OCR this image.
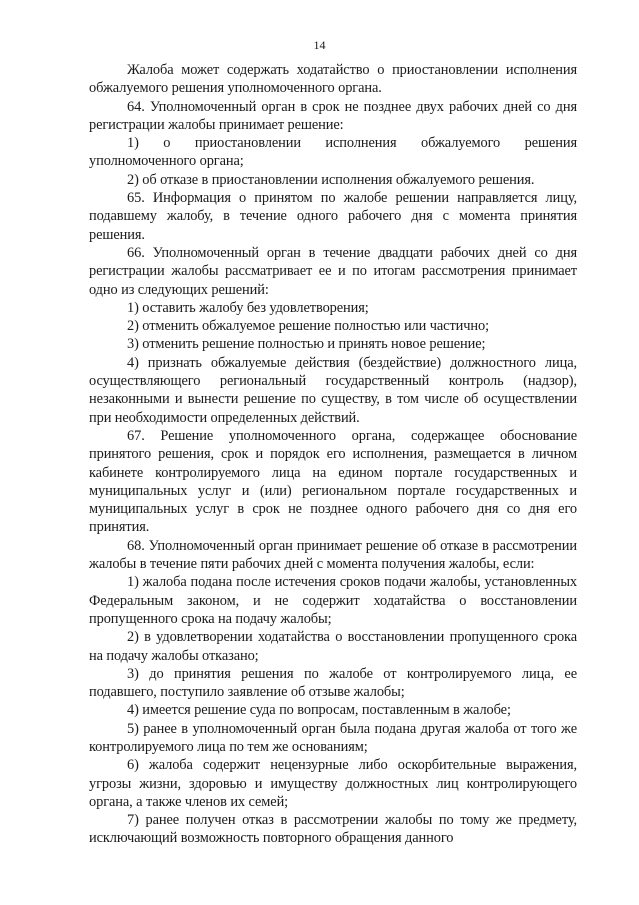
14

Жалоба может содержать ходатайство о приостановлении исполнения обжалуемого решения уполномоченного органа.

64. Уполномоченный орган в срок не позднее двух рабочих дней со дня регистрации жалобы принимает решение:

1) о приостановлении исполнения обжалуемого решения уполномоченного органа;

2) об отказе в приостановлении исполнения обжалуемого решения.

65. Информация о принятом по жалобе решении направляется лицу, подавшему жалобу, в течение одного рабочего дня с момента принятия решения.

66. Уполномоченный орган в течение двадцати рабочих дней со дня регистрации жалобы рассматривает ее и по итогам рассмотрения принимает одно из следующих решений:

1) оставить жалобу без удовлетворения;

2) отменить обжалуемое решение полностью или частично;

3) отменить решение полностью и принять новое решение;

4) признать обжалуемые действия (бездействие) должностного лица, осуществляющего региональный государственный контроль (надзор), незаконными и вынести решение по существу, в том числе об осуществлении при необходимости определенных действий.

67. Решение уполномоченного органа, содержащее обоснование принятого решения, срок и порядок его исполнения, размещается в личном кабинете контролируемого лица на едином портале государственных и муниципальных услуг и (или) региональном портале государственных и муниципальных услуг в срок не позднее одного рабочего дня со дня его принятия.

68. Уполномоченный орган принимает решение об отказе в рассмотрении жалобы в течение пяти рабочих дней с момента получения жалобы, если:

1) жалоба подана после истечения сроков подачи жалобы, установленных Федеральным законом, и не содержит ходатайства о восстановлении пропущенного срока на подачу жалобы;

2) в удовлетворении ходатайства о восстановлении пропущенного срока на подачу жалобы отказано;

3) до принятия решения по жалобе от контролируемого лица, ее подавшего, поступило заявление об отзыве жалобы;

4) имеется решение суда по вопросам, поставленным в жалобе;

5) ранее в уполномоченный орган была подана другая жалоба от того же контролируемого лица по тем же основаниям;

6) жалоба содержит нецензурные либо оскорбительные выражения, угрозы жизни, здоровью и имуществу должностных лиц контролирующего органа, а также членов их семей;

7) ранее получен отказ в рассмотрении жалобы по тому же предмету, исключающий возможность повторного обращения данного
